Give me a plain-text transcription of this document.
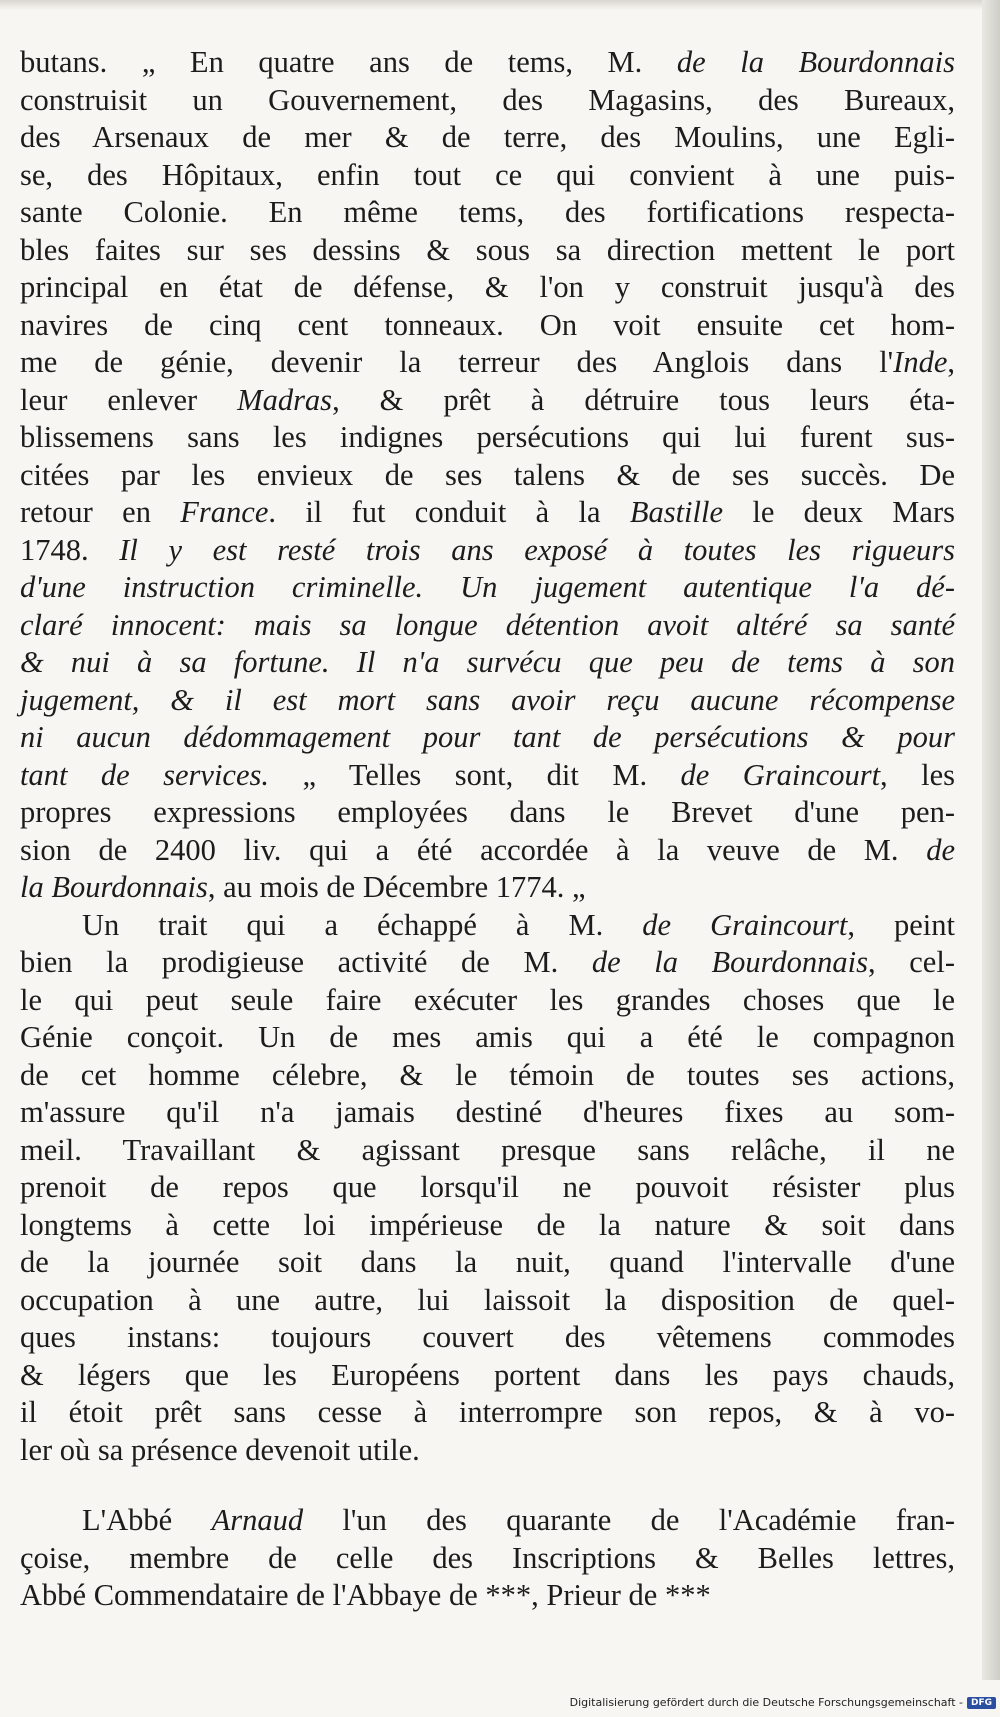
butans. „ En quatre ans de tems, M. de la Bourdonnais
construisit un Gouvernement, des Magasins, des Bureaux,
des Arsenaux de mer & de terre, des Moulins, une Egli-
se, des Hôpitaux, enfin tout ce qui convient à une puis-
sante Colonie. En même tems, des fortifications respecta-
bles faites sur ses dessins & sous sa direction mettent le port
principal en état de défense, & l'on y construit jusqu'à des
navires de cinq cent tonneaux. On voit ensuite cet hom-
me de génie, devenir la terreur des Anglois dans l'Inde,
leur enlever Madras, & prêt à détruire tous leurs éta-
blissemens sans les indignes persécutions qui lui furent sus-
citées par les envieux de ses talens & de ses succès. De
retour en France. il fut conduit à la Bastille le deux Mars
1748. Il y est resté trois ans exposé à toutes les rigueurs
d'une instruction criminelle. Un jugement autentique l'a dé-
claré innocent: mais sa longue détention avoit altéré sa santé
& nui à sa fortune. Il n'a survécu que peu de tems à son
jugement, & il est mort sans avoir reçu aucune récompense
ni aucun dédommagement pour tant de persécutions & pour
tant de services. „ Telles sont, dit M. de Graincourt, les
propres expressions employées dans le Brevet d'une pen-
sion de 2400 liv. qui a été accordée à la veuve de M. de
la Bourdonnais, au mois de Décembre 1774. „
Un trait qui a échappé à M. de Graincourt, peint
bien la prodigieuse activité de M. de la Bourdonnais, cel-
le qui peut seule faire exécuter les grandes choses que le
Génie conçoit. Un de mes amis qui a été le compagnon
de cet homme célebre, & le témoin de toutes ses actions,
m'assure qu'il n'a jamais destiné d'heures fixes au som-
meil. Travaillant & agissant presque sans relâche, il ne
prenoit de repos que lorsqu'il ne pouvoit résister plus
longtems à cette loi impérieuse de la nature & soit dans
de la journée soit dans la nuit, quand l'intervalle d'une
occupation à une autre, lui laissoit la disposition de quel-
ques instans: toujours couvert des vêtemens commodes
& légers que les Européens portent dans les pays chauds,
il étoit prêt sans cesse à interrompre son repos, & à vo-
ler où sa présence devenoit utile.
L'Abbé Arnaud l'un des quarante de l'Académie fran-
çoise, membre de celle des Inscriptions & Belles lettres,
Abbé Commendataire de l'Abbaye de ***, Prieur de ***
Digitalisierung gefördert durch die Deutsche Forschungsgemeinschaft - DFG
